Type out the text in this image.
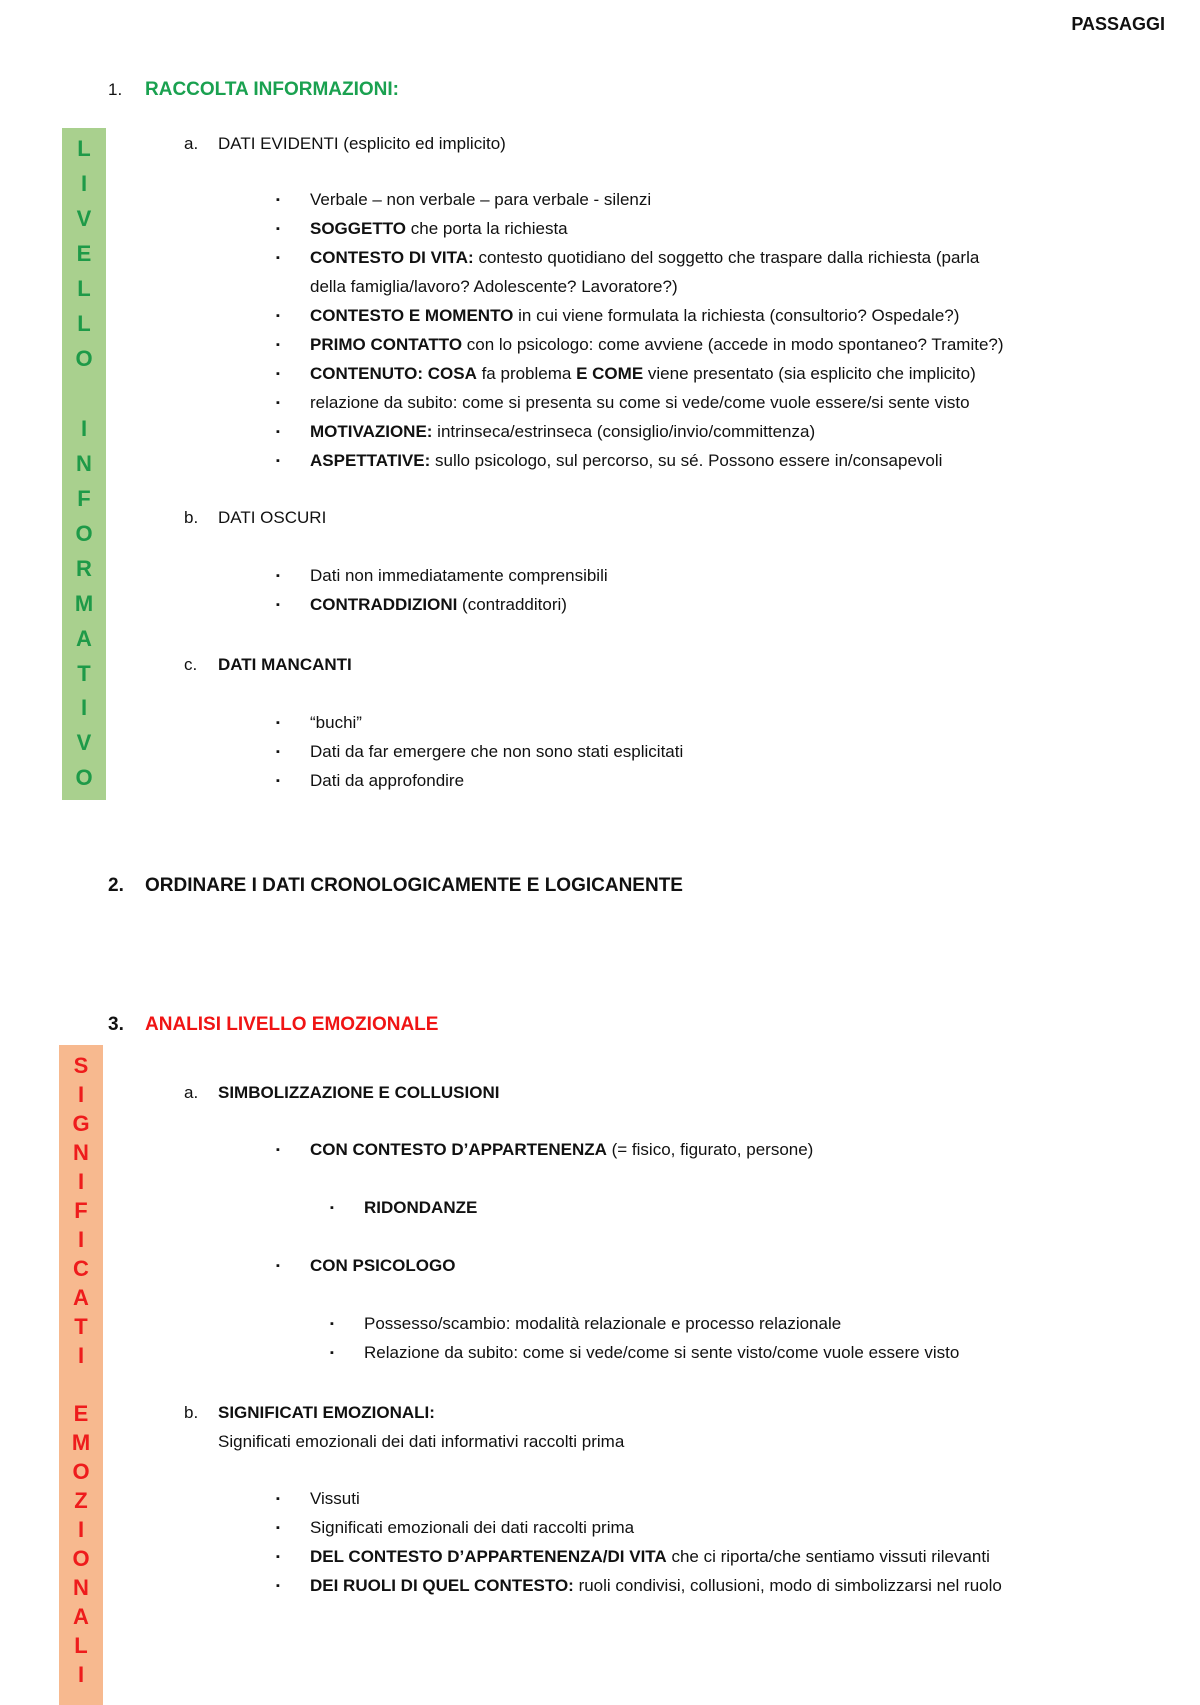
PASSAGGI
L
I
V
E
L
L
O

I
N
F
O
R
M
A
T
I
V
O
S
I
G
N
I
F
I
C
A
T
I

E
M
O
Z
I
O
N
A
L
I
1. RACCOLTA INFORMAZIONI:
a. DATI EVIDENTI (esplicito ed implicito)
▪ Verbale – non verbale – para verbale - silenzi
▪ SOGGETTO che porta la richiesta
▪ CONTESTO DI VITA: contesto quotidiano del soggetto che traspare dalla richiesta (parla
della famiglia/lavoro? Adolescente? Lavoratore?)
▪ CONTESTO E MOMENTO in cui viene formulata la richiesta (consultorio? Ospedale?)
▪ PRIMO CONTATTO con lo psicologo: come avviene (accede in modo spontaneo? Tramite?)
▪ CONTENUTO: COSA fa problema E COME viene presentato (sia esplicito che implicito)
▪ relazione da subito: come si presenta su come si vede/come vuole essere/si sente visto
▪ MOTIVAZIONE: intrinseca/estrinseca (consiglio/invio/committenza)
▪ ASPETTATIVE: sullo psicologo, sul percorso, su sé. Possono essere in/consapevoli
b. DATI OSCURI
▪ Dati non immediatamente comprensibili
▪ CONTRADDIZIONI (contradditori)
c. DATI MANCANTI
▪ “buchi”
▪ Dati da far emergere che non sono stati esplicitati
▪ Dati da approfondire
2. ORDINARE I DATI CRONOLOGICAMENTE E LOGICANENTE
3. ANALISI LIVELLO EMOZIONALE
a. SIMBOLIZZAZIONE E COLLUSIONI
▪ CON CONTESTO D’APPARTENENZA (= fisico, figurato, persone)
▪ RIDONDANZE
▪ CON PSICOLOGO
▪ Possesso/scambio: modalità relazionale e processo relazionale
▪ Relazione da subito: come si vede/come si sente visto/come vuole essere visto
b. SIGNIFICATI EMOZIONALI:
Significati emozionali dei dati informativi raccolti prima
▪ Vissuti
▪ Significati emozionali dei dati raccolti prima
▪ DEL CONTESTO D’APPARTENENZA/DI VITA che ci riporta/che sentiamo vissuti rilevanti
▪ DEI RUOLI DI QUEL CONTESTO: ruoli condivisi, collusioni, modo di simbolizzarsi nel ruolo
